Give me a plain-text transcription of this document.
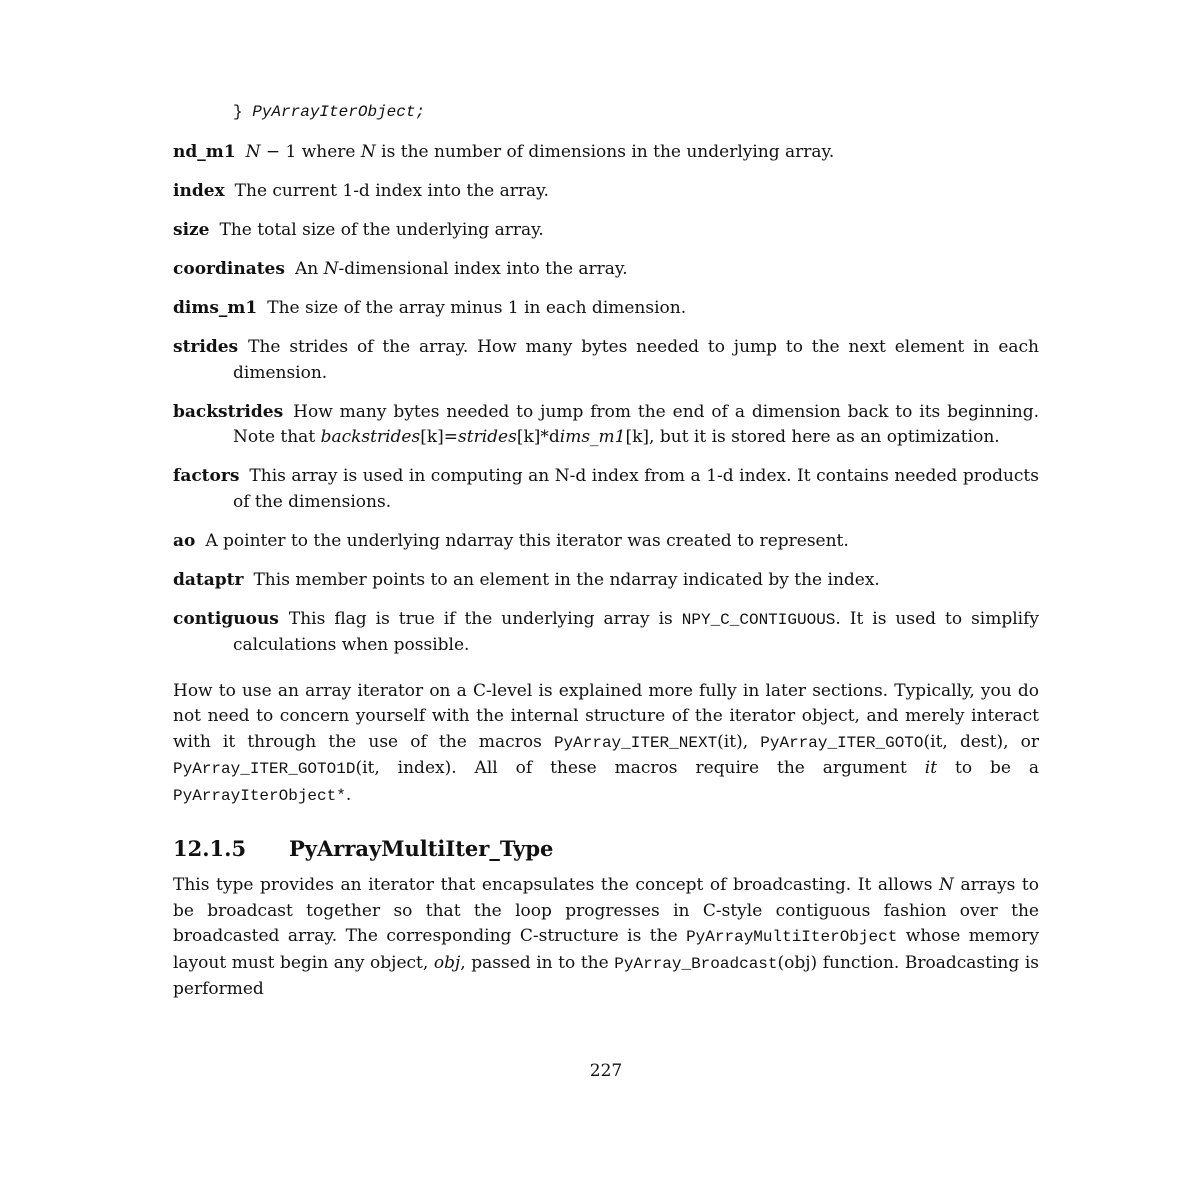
} PyArrayIterObject;
nd_m1 N − 1 where N is the number of dimensions in the underlying array.
index The current 1-d index into the array.
size The total size of the underlying array.
coordinates An N-dimensional index into the array.
dims_m1 The size of the array minus 1 in each dimension.
strides The strides of the array. How many bytes needed to jump to the next element in each dimension.
backstrides How many bytes needed to jump from the end of a dimension back to its beginning. Note that backstrides[k]=strides[k]*dims_m1[k], but it is stored here as an optimization.
factors This array is used in computing an N-d index from a 1-d index. It contains needed products of the dimensions.
ao A pointer to the underlying ndarray this iterator was created to represent.
dataptr This member points to an element in the ndarray indicated by the index.
contiguous This flag is true if the underlying array is NPY_C_CONTIGUOUS. It is used to simplify calculations when possible.

How to use an array iterator on a C-level is explained more fully in later sections. Typically, you do not need to concern yourself with the internal structure of the iterator object, and merely interact with it through the use of the macros PyArray_ITER_NEXT(it), PyArray_ITER_GOTO(it, dest), or PyArray_ITER_GOTO1D(it, index). All of these macros require the argument it to be a PyArrayIterObject*.

12.1.5 PyArrayMultiIter_Type

This type provides an iterator that encapsulates the concept of broadcasting. It allows N arrays to be broadcast together so that the loop progresses in C-style contiguous fashion over the broadcasted array. The corresponding C-structure is the PyArrayMultiIterObject whose memory layout must begin any object, obj, passed in to the PyArray_Broadcast(obj) function. Broadcasting is performed

227
